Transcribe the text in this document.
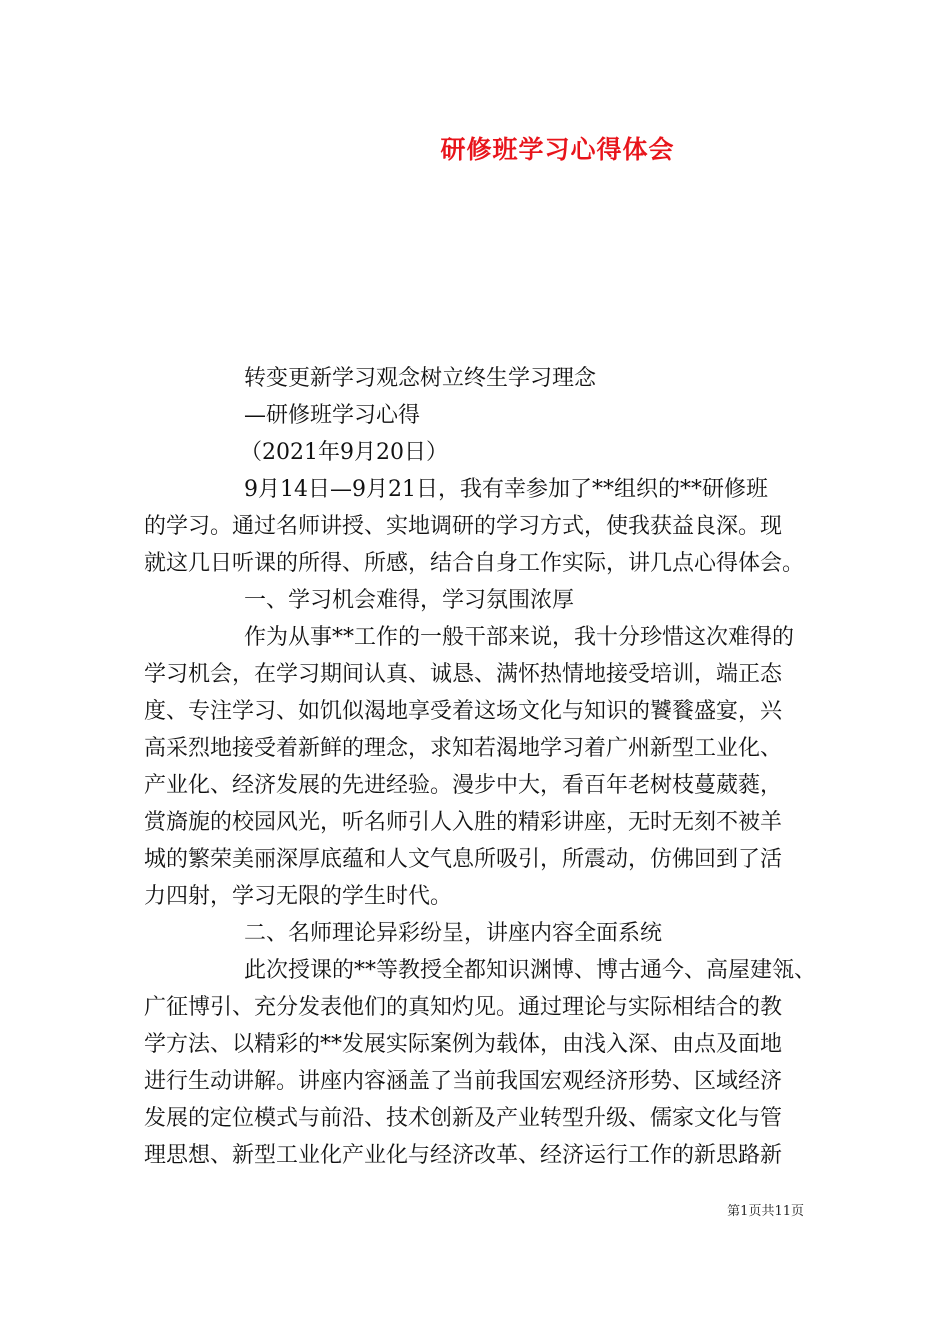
研修班学习心得体会

转变更新学习观念树立终生学习理念

—研修班学习心得

（2021年9月20日）

9月14日—9月21日，我有幸参加了**组织的**研修班

的学习。通过名师讲授、实地调研的学习方式，使我获益良深。现

就这几日听课的所得、所感，结合自身工作实际，讲几点心得体会。

一、学习机会难得，学习氛围浓厚

作为从事**工作的一般干部来说，我十分珍惜这次难得的

学习机会，在学习期间认真、诚恳、满怀热情地接受培训，端正态

度、专注学习、如饥似渴地享受着这场文化与知识的饕餮盛宴，兴

高采烈地接受着新鲜的理念，求知若渴地学习着广州新型工业化、

产业化、经济发展的先进经验。漫步中大，看百年老树枝蔓葳蕤，

赏旖旎的校园风光，听名师引人入胜的精彩讲座，无时无刻不被羊

城的繁荣美丽深厚底蕴和人文气息所吸引，所震动，仿佛回到了活

力四射，学习无限的学生时代。

二、名师理论异彩纷呈，讲座内容全面系统

此次授课的**等教授全都知识渊博、博古通今、高屋建瓴、

广征博引、充分发表他们的真知灼见。通过理论与实际相结合的教

学方法、以精彩的**发展实际案例为载体，由浅入深、由点及面地

进行生动讲解。讲座内容涵盖了当前我国宏观经济形势、区域经济

发展的定位模式与前沿、技术创新及产业转型升级、儒家文化与管

理思想、新型工业化产业化与经济改革、经济运行工作的新思路新

第1页共11页
